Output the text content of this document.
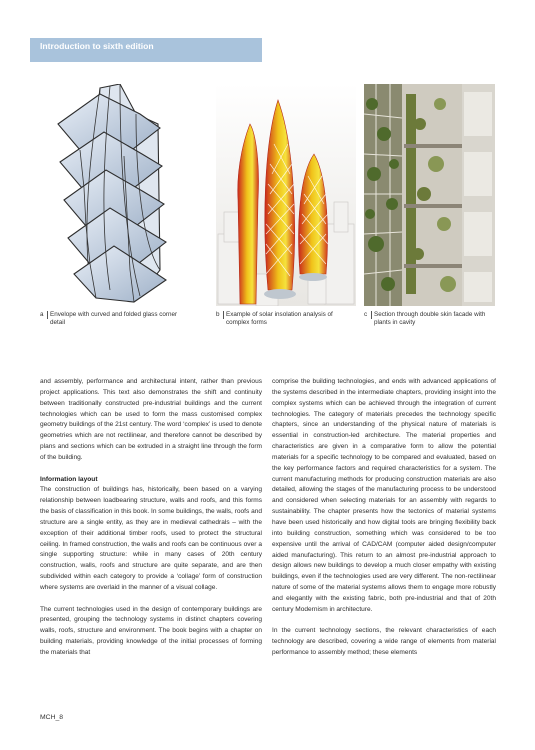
Introduction to sixth edition
a Envelope with curved and folded glass corner
detail
b Example of solar insolation analysis of
complex forms
c Section through double skin facade with
plants in cavity

and assembly, performance and architectural intent, rather than previous project applications. This text also demonstrates the shift and continuity between traditionally constructed pre-industrial buildings and the current technologies which can be used to form the mass customised complex geometry buildings of the 21st century. The word ‘complex’ is used to denote geometries which are not rectilinear, and therefore cannot be described by plans and sections which can be extruded in a straight line through the form of the building.

Information layout

The construction of buildings has, historically, been based on a varying relationship between loadbearing structure, walls and roofs, and this forms the basis of classification in this book. In some buildings, the walls, roofs and structure are a single entity, as they are in medieval cathedrals – with the exception of their additional timber roofs, used to protect the structural ceiling. In framed construction, the walls and roofs can be continuous over a single supporting structure: while in many cases of 20th century construction, walls, roofs and structure are quite separate, and are then subdivided within each category to provide a ‘collage’ form of construction where systems are overlaid in the manner of a visual collage.

The current technologies used in the design of contemporary buildings are presented, grouping the technology systems in distinct chapters covering walls, roofs, structure and environment. The book begins with a chapter on building materials, providing knowledge of the initial processes of forming the materials that

comprise the building technologies, and ends with advanced applications of the systems described in the intermediate chapters, providing insight into the complex systems which can be achieved through the integration of current technologies. The category of materials precedes the technology specific chapters, since an understanding of the physical nature of materials is essential in construction-led architecture. The material properties and characteristics are given in a comparative form to allow the potential materials for a specific technology to be compared and evaluated, based on the key performance factors and required characteristics for a system. The current manufacturing methods for producing construction materials are also detailed, allowing the stages of the manufacturing process to be understood and considered when selecting materials for an assembly with regards to sustainability. The chapter presents how the tectonics of material systems have been used historically and how digital tools are bringing flexibility back into building construction, something which was considered to be too expensive until the arrival of CAD/CAM (computer aided design/computer aided manufacturing). This return to an almost pre-industrial approach to design allows new buildings to develop a much closer empathy with existing buildings, even if the technologies used are very different. The non-rectilinear nature of some of the material systems allows them to engage more robustly and elegantly with the existing fabric, both pre-industrial and that of 20th century Modernism in architecture.

In the current technology sections, the relevant characteristics of each technology are described, covering a wide range of elements from material performance to assembly method; these elements

MCH_8
